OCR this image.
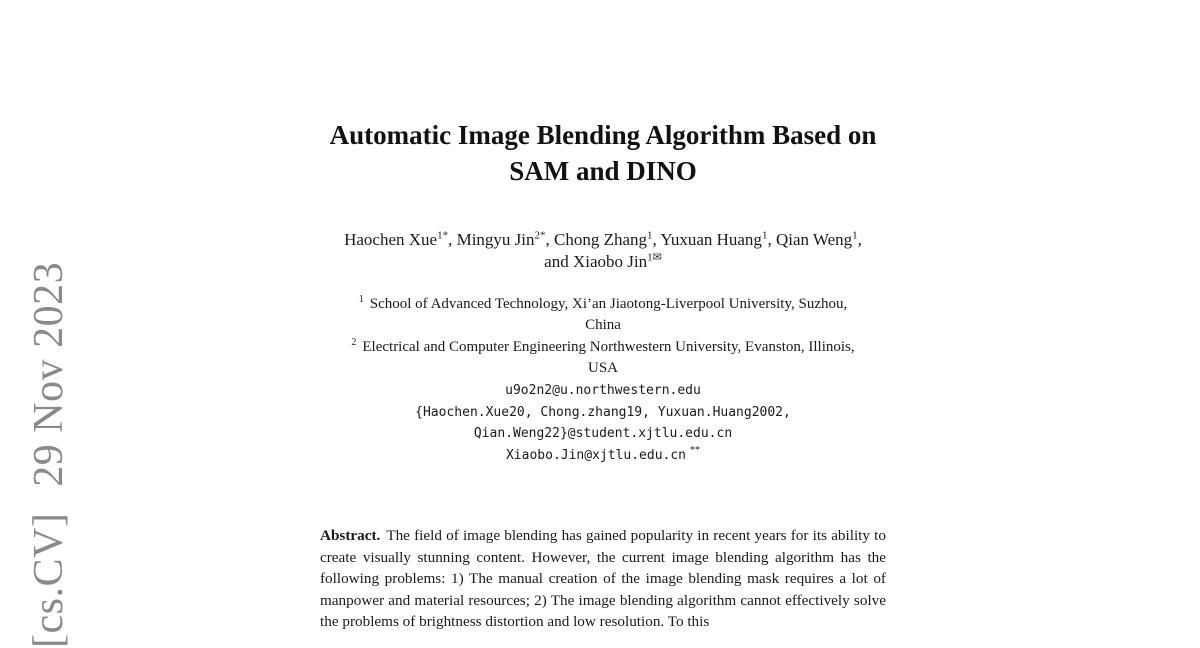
[cs.CV]29 Nov 2023
Automatic Image Blending Algorithm Based on
SAM and DINO
Haochen Xue$^{1*}$, Mingyu Jin$^{2*}$, Chong Zhang$^1$, Yuxuan Huang$^1$, Qian Weng$^1$,
and Xiaobo Jin$^{1✉}$
$^1$ School of Advanced Technology, Xi’an Jiaotong-Liverpool University, Suzhou,
China
$^2$ Electrical and Computer Engineering Northwestern University, Evanston, Illinois,
USA
u9o2n2@u.northwestern.edu
{Haochen.Xue20, Chong.zhang19, Yuxuan.Huang2002,
Qian.Weng22}@student.xjtlu.edu.cn
Xiaobo.Jin@xjtlu.edu.cn **
Abstract. The field of image blending has gained popularity in recent years for its ability to create visually stunning content. However, the current image blending algorithm has the following problems: 1) The manual creation of the image blending mask requires a lot of manpower and material resources; 2) The image blending algorithm cannot effectively solve the problems of brightness distortion and low resolution. To this
